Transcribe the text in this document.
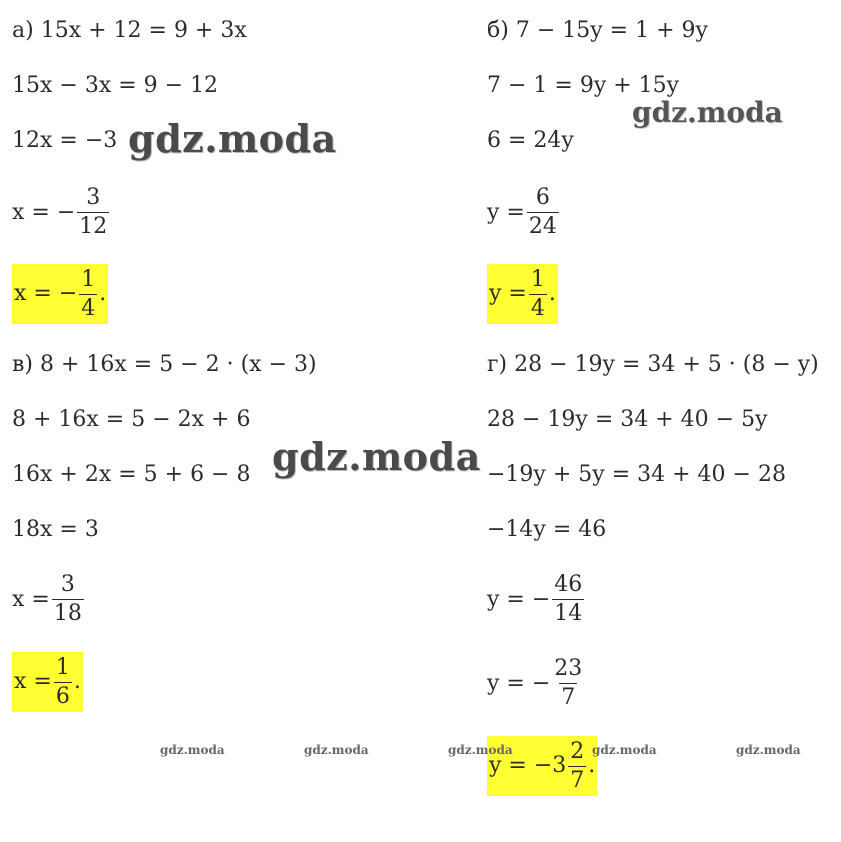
а)
15x + 12 = 9 + 3x
15x − 3x = 9 − 12
12x = −3
x = − $\frac{3}{12}$
x = − $\frac{1}{4}$ .
б)
7 − 15y = 1 + 9y
7 − 1 = 9y + 15y
6 = 24y
$y = \frac{6}{24}$
$y = \frac{1}{4}$ .
в)
8 + 16x = 5 − 2 · (x − 3)
8 + 16x = 5 − 2x + 6
16x + 2x = 5 + 6 − 8
18x = 3
$x = \frac{3}{18}$
$x = \frac{1}{6}$ .
г)
28 − 19y = 34 + 5 · (8 − y)
28 − 19y = 34 + 40 − 5y
−19y + 5y = 34 + 40 − 28
−14y = 46
y = − $\frac{46}{14}$
y = − $\frac{23}{7}$
$y = -3 \frac{2}{7}$ .
gdz.moda
gdz.moda
gdz.moda
gdz.moda	gdz.moda	gdz.moda	gdz.moda	gdz.moda
